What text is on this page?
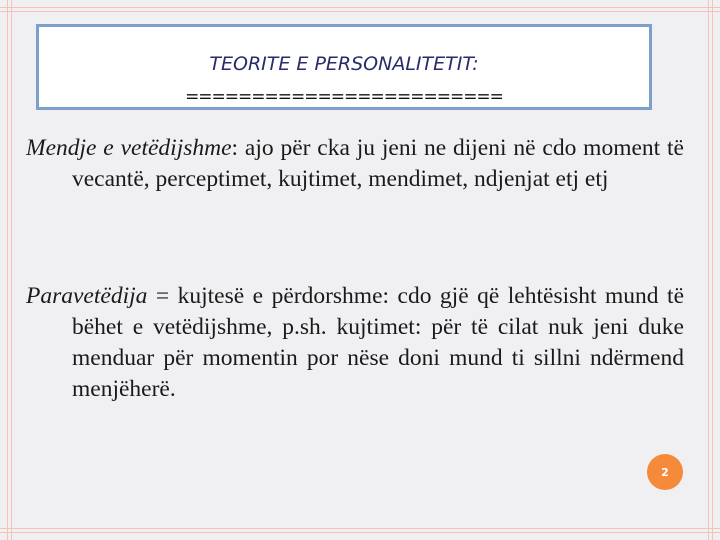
TEORITE E PERSONALITETIT:
========================

Mendje e vetëdijshme: ajo për cka ju jeni ne dijeni në cdo moment të vecantë, perceptimet, kujtimet, mendimet, ndjenjat etj etj

Paravetëdija = kujtesë e përdorshme: cdo gjë që lehtësisht mund të bëhet e vetëdijshme, p.sh. kujtimet: për të cilat nuk jeni duke menduar për momentin por nëse doni mund ti sillni ndërmend menjëherë.

2
